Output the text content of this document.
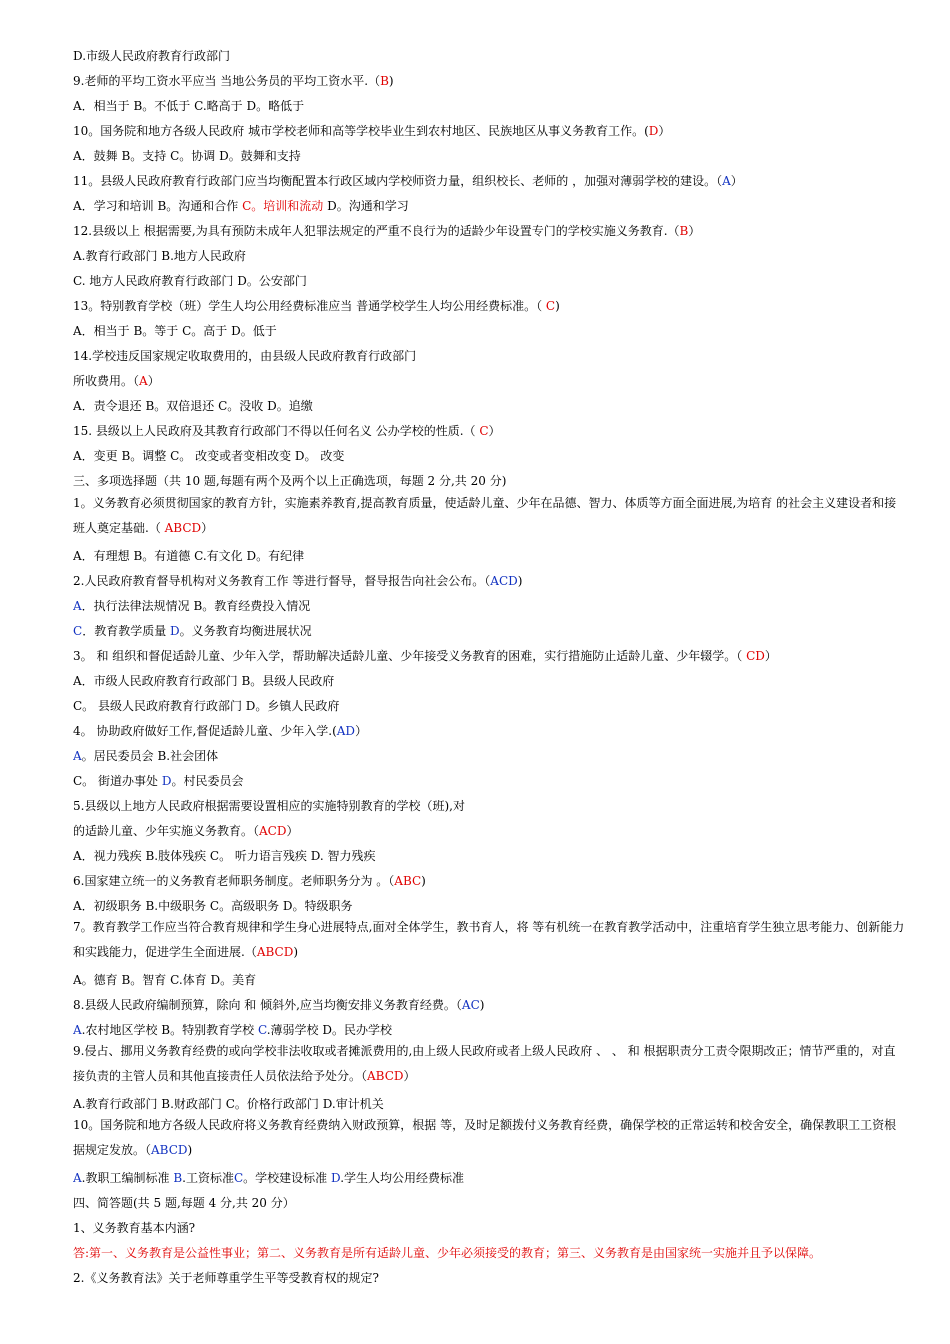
D.市级人民政府教育行政部门
9.老师的平均工资水平应当 当地公务员的平均工资水平.（B)
A．相当于 B。不低于 C.略高于 D。略低于
10。国务院和地方各级人民政府 城市学校老师和高等学校毕业生到农村地区、民族地区从事义务教育工作。(D）
A．鼓舞 B。支持 C。协调 D。鼓舞和支持
11。县级人民政府教育行政部门应当均衡配置本行政区域内学校师资力量，组织校长、老师的 ，加强对薄弱学校的建设。（A）
A．学习和培训 B。沟通和合作 C。培训和流动 D。沟通和学习
12.县级以上 根据需要,为具有预防未成年人犯罪法规定的严重不良行为的适龄少年设置专门的学校实施义务教育.（B）
A.教育行政部门 B.地方人民政府
C. 地方人民政府教育行政部门 D。公安部门
13。特别教育学校（班）学生人均公用经费标准应当 普通学校学生人均公用经费标准。（ C)
A．相当于 B。等于 C。高于 D。低于
14.学校违反国家规定收取费用的，由县级人民政府教育行政部门
所收费用。（A）
A．责令退还 B。双倍退还 C。没收 D。追缴
15. 县级以上人民政府及其教育行政部门不得以任何名义 公办学校的性质.（ C）
A．变更 B。调整 C。 改变或者变相改变 D。 改变
三、多项选择题（共 10 题,每题有两个及两个以上正确选项，每题 2 分,共 20 分)
1。义务教育必须贯彻国家的教育方针，实施素养教育,提高教育质量，使适龄儿童、少年在品德、智力、体质等方面全面进展,为培育 的社会主义建设者和接班人奠定基础.（ ABCD）
A．有理想 B。有道德 C.有文化 D。有纪律
2.人民政府教育督导机构对义务教育工作 等进行督导，督导报告向社会公布。（ACD)
A．执行法律法规情况 B。教育经费投入情况
C．教育教学质量 D。义务教育均衡进展状况
3。 和 组织和督促适龄儿童、少年入学，帮助解决适龄儿童、少年接受义务教育的困难，实行措施防止适龄儿童、少年辍学。（ CD）
A．市级人民政府教育行政部门 B。县级人民政府
C。 县级人民政府教育行政部门 D。乡镇人民政府
4。 协助政府做好工作,督促适龄儿童、少年入学.(AD）
A。居民委员会 B.社会团体
C。 街道办事处 D。村民委员会
5.县级以上地方人民政府根据需要设置相应的实施特别教育的学校（班),对
的适龄儿童、少年实施义务教育。（ACD）
A．视力残疾 B.肢体残疾 C。 听力语言残疾 D. 智力残疾
6.国家建立统一的义务教育老师职务制度。老师职务分为 。（ABC)
A．初级职务 B.中级职务 C。高级职务 D。特级职务
7。教育教学工作应当符合教育规律和学生身心进展特点,面对全体学生，教书育人，将 等有机统一在教育教学活动中，注重培育学生独立思考能力、创新能力和实践能力，促进学生全面进展.（ABCD)
A。德育 B。智育 C.体育 D。美育
8.县级人民政府编制预算，除向 和 倾斜外,应当均衡安排义务教育经费。（AC)
A.农村地区学校 B。特别教育学校 C.薄弱学校 D。民办学校
9.侵占、挪用义务教育经费的或向学校非法收取或者摊派费用的,由上级人民政府或者上级人民政府 、 、 和 根据职责分工责令限期改正；情节严重的，对直接负责的主管人员和其他直接责任人员依法给予处分。（ABCD）
A.教育行政部门 B.财政部门 C。价格行政部门 D.审计机关
10。国务院和地方各级人民政府将义务教育经费纳入财政预算，根据 等，及时足额拨付义务教育经费，确保学校的正常运转和校舍安全，确保教职工工资根据规定发放。（ABCD)
A.教职工编制标准 B.工资标准C。学校建设标准 D.学生人均公用经费标准
四、简答题(共 5 题,每题 4 分,共 20 分）
1、义务教育基本内涵?
答:第一、义务教育是公益性事业；第二、义务教育是所有适龄儿童、少年必须接受的教育；第三、义务教育是由国家统一实施并且予以保障。
2.《义务教育法》关于老师尊重学生平等受教育权的规定?
